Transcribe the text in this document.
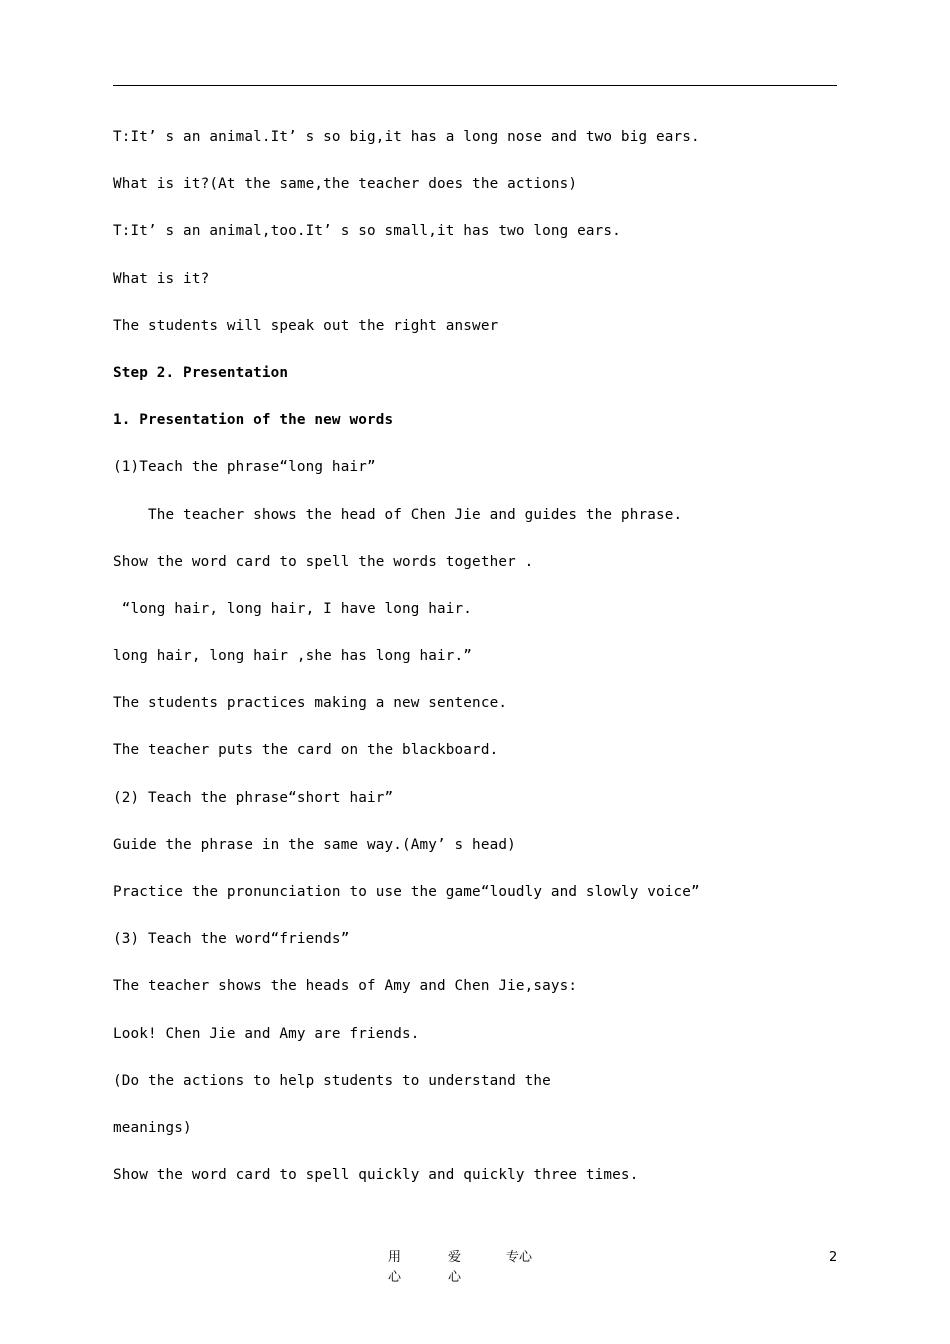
T:It’ s an animal.It’ s so big,it has a long nose and two big ears.
What is it?(At the same,the teacher does the actions)
T:It’ s an animal,too.It’ s so small,it has two long ears.
What is it?
The students will speak out the right answer
Step 2. Presentation
1. Presentation of the new words
(1)Teach the phrase“long hair”
The teacher shows the head of Chen Jie and guides the phrase.
Show the word card to spell the words together .
“long hair, long hair, I have long hair.
long hair, long hair ,she has long hair.”
The students practices making a new sentence.
The teacher puts the card on the blackboard.
(2) Teach the phrase“short hair”
Guide the phrase in the same way.(Amy’ s head)
Practice the pronunciation to use the game“loudly and slowly voice”
(3) Teach the word“friends”
The teacher shows the heads of Amy and Chen Jie,says:
Look! Chen Jie and Amy are friends.
(Do the actions to help students to understand the
meanings)
Show the word card to spell quickly and quickly three times.
用心
爱心
专心	2
